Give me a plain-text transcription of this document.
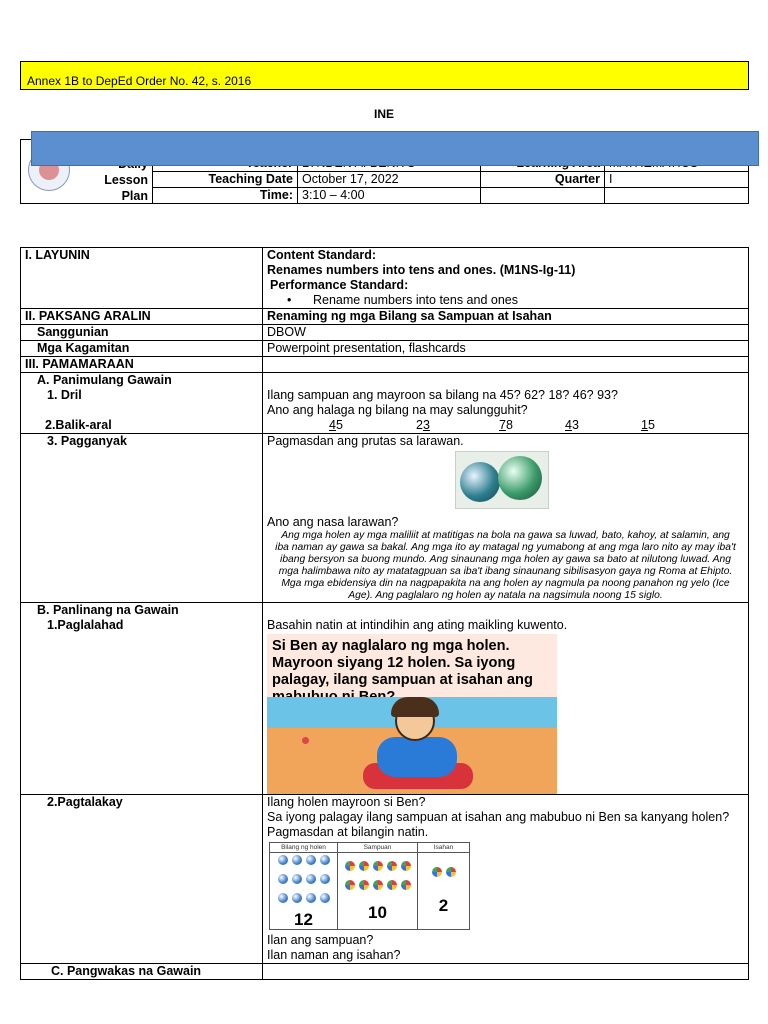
Annex 1B to DepEd Order No. 42, s. 2016
INE

	Teaching Date	October 17, 2022	Quarter	I
	Time:	3:10 – 4:00		
Lesson
Plan
I. LAYUNIN	Content Standard:
Renames numbers into tens and ones. (M1NS-Ig-11)
Performance Standard:
• Rename numbers into tens and ones

II. PAKSANG ARALIN	Renaming ng mga Bilang sa Sampuan at Isahan
Sanggunian	DBOW
Mga Kagamitan	Powerpoint presentation, flashcards
III. PAMAMARAAN	

A. Panimulang Gawain
1. Dril
2.Balik-aral

Ilang sampuan ang mayroon sa bilang na 45? 62? 18? 46? 93?
Ano ang halaga ng bilang na may salungguhit?
45	23	78	43	15

3. Pagganyak	Pagmasdan ang prutas sa larawan.
Ano ang nasa larawan?
Ang mga holen ay mga maliliit at matitigas na bola na gawa sa luwad, bato, kahoy, at salamin, ang iba naman ay gawa sa bakal. Ang mga ito ay matagal ng yumabong at ang mga laro nito ay may iba't ibang bersyon sa buong mundo. Ang sinaunang mga holen ay gawa sa bato at nilutong luwad. Ang mga halimbawa nito ay matatagpuan sa iba't ibang sinaunang sibilisasyon gaya ng Roma at Ehipto. Mga mga ebidensiya din na nagpapakita na ang holen ay nagmula pa noong panahon ng yelo (Ice Age). Ang paglalaro ng holen ay natala na nagsimula noong 15 siglo.

B. Panlinang na Gawain
1.Paglalahad	Basahin natin at intindihin ang ating maikling kuwento.
Si Ben ay naglalaro ng mga holen. Mayroon siyang 12 holen. Sa iyong palagay, ilang sampuan at isahan ang

2.Pagtalakay	Ilang holen mayroon si Ben?
Sa iyong palagay ilang sampuan at isahan ang mabubuo ni Ben sa kanyang holen?
Pagmasdan at bilangin natin.
Bilang ng holen	Sampuan	Isahan

12	10	2
Ilan ang sampuan?
Ilan naman ang isahan?

C. Pangwakas na Gawain	
